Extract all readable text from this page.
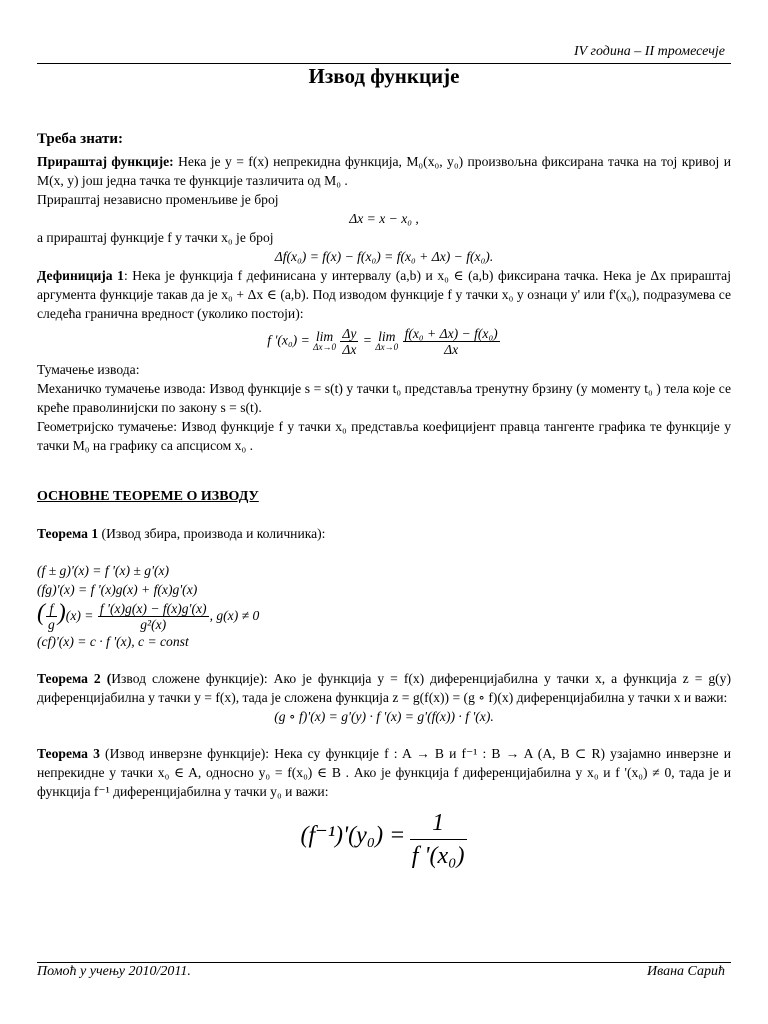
IV година – II тромесечје
Извод функције
Треба знати:

Прираштај функције: Нека је y = f(x) непрекидна функција, M₀(x₀, y₀) произвољна фиксирана тачка на тој кривој и M(x, y) још једна тачка те функције тазличита од M₀ .

Прираштај независно променљиве је број

Δx = x − x₀ ,

а прираштај функције f у тачки x₀ је број

Δf(x₀) = f(x) − f(x₀) = f(x₀ + Δx) − f(x₀).

Дефиниција 1: Нека је функција f дефинисана у интервалу (a,b) и x₀ ∈ (a,b) фиксирана тачка. Нека је Δx прираштај аргумента функције такав да је x₀ + Δx ∈ (a,b). Под изводом функције f у тачки x₀ у ознаци y' или f'(x₀), подразумева се следећа гранична вредност (уколико постоји):

f '(x₀) = lim
Δx→0
$\frac{\Delta y}{\Delta x} = \lim$
Δx→0
$\frac{\text{f(x₀ + Δx) − f(x₀)}}{\Delta x}$

Тумачење извода:

Механичко тумачење извода: Извод функције s = s(t) у тачки t₀ представља тренутну брзину (у моменту t₀ ) тела које се креће праволинијски по закону s = s(t).

Геометријско тумачење: Извод функције f у тачки x₀ представља коефицијент правца тангенте графика те функције у тачки M₀ на графику са апсцисом x₀ .

ОСНОВНЕ ТЕОРЕМЕ О ИЗВОДУ

Теорема 1 (Извод збира, производа и количника):

(f ± g)'(x) = f '(x) ± g'(x)

(fg)'(x) = f '(x)g(x) + f(x)g'(x)

( $\frac{f}{g} )(x) = \frac{f '(x)g(x) - f(x)g'(x)}{\text{g²(x)}}$ , g(x) ≠ 0

(cf)'(x) = c · f '(x), c = const

Теорема 2 (Извод сложене функције): Ако је функција y = f(x) диференцијабилна у тачки x, а функција z = g(y) диференцијабилна у тачки y = f(x), тада је сложена функција z = g(f(x)) = (g ∘ f)(x) диференцијабилна у тачки x и важи:

(g ∘ f)'(x) = g'(y) · f '(x) = g'(f(x)) · f '(x).

Теорема 3 (Извод инверзне функције): Нека су функције f : A → B и f⁻¹ : B → A (A, B ⊂ R) узајамно инверзне и непрекидне у тачки x₀ ∈ A, односно y₀ = f(x₀) ∈ B . Ако је функција f диференцијабилна у x₀ и f '(x₀) ≠ 0, тада је и функција f⁻¹ диференцијабилна у тачки y₀ и важи:

$(f^{-1})'(y_0) = \frac{1}{\text{f '(x₀)}}$
Помоћ у учењу 2010/2011.	Ивана Сарић
